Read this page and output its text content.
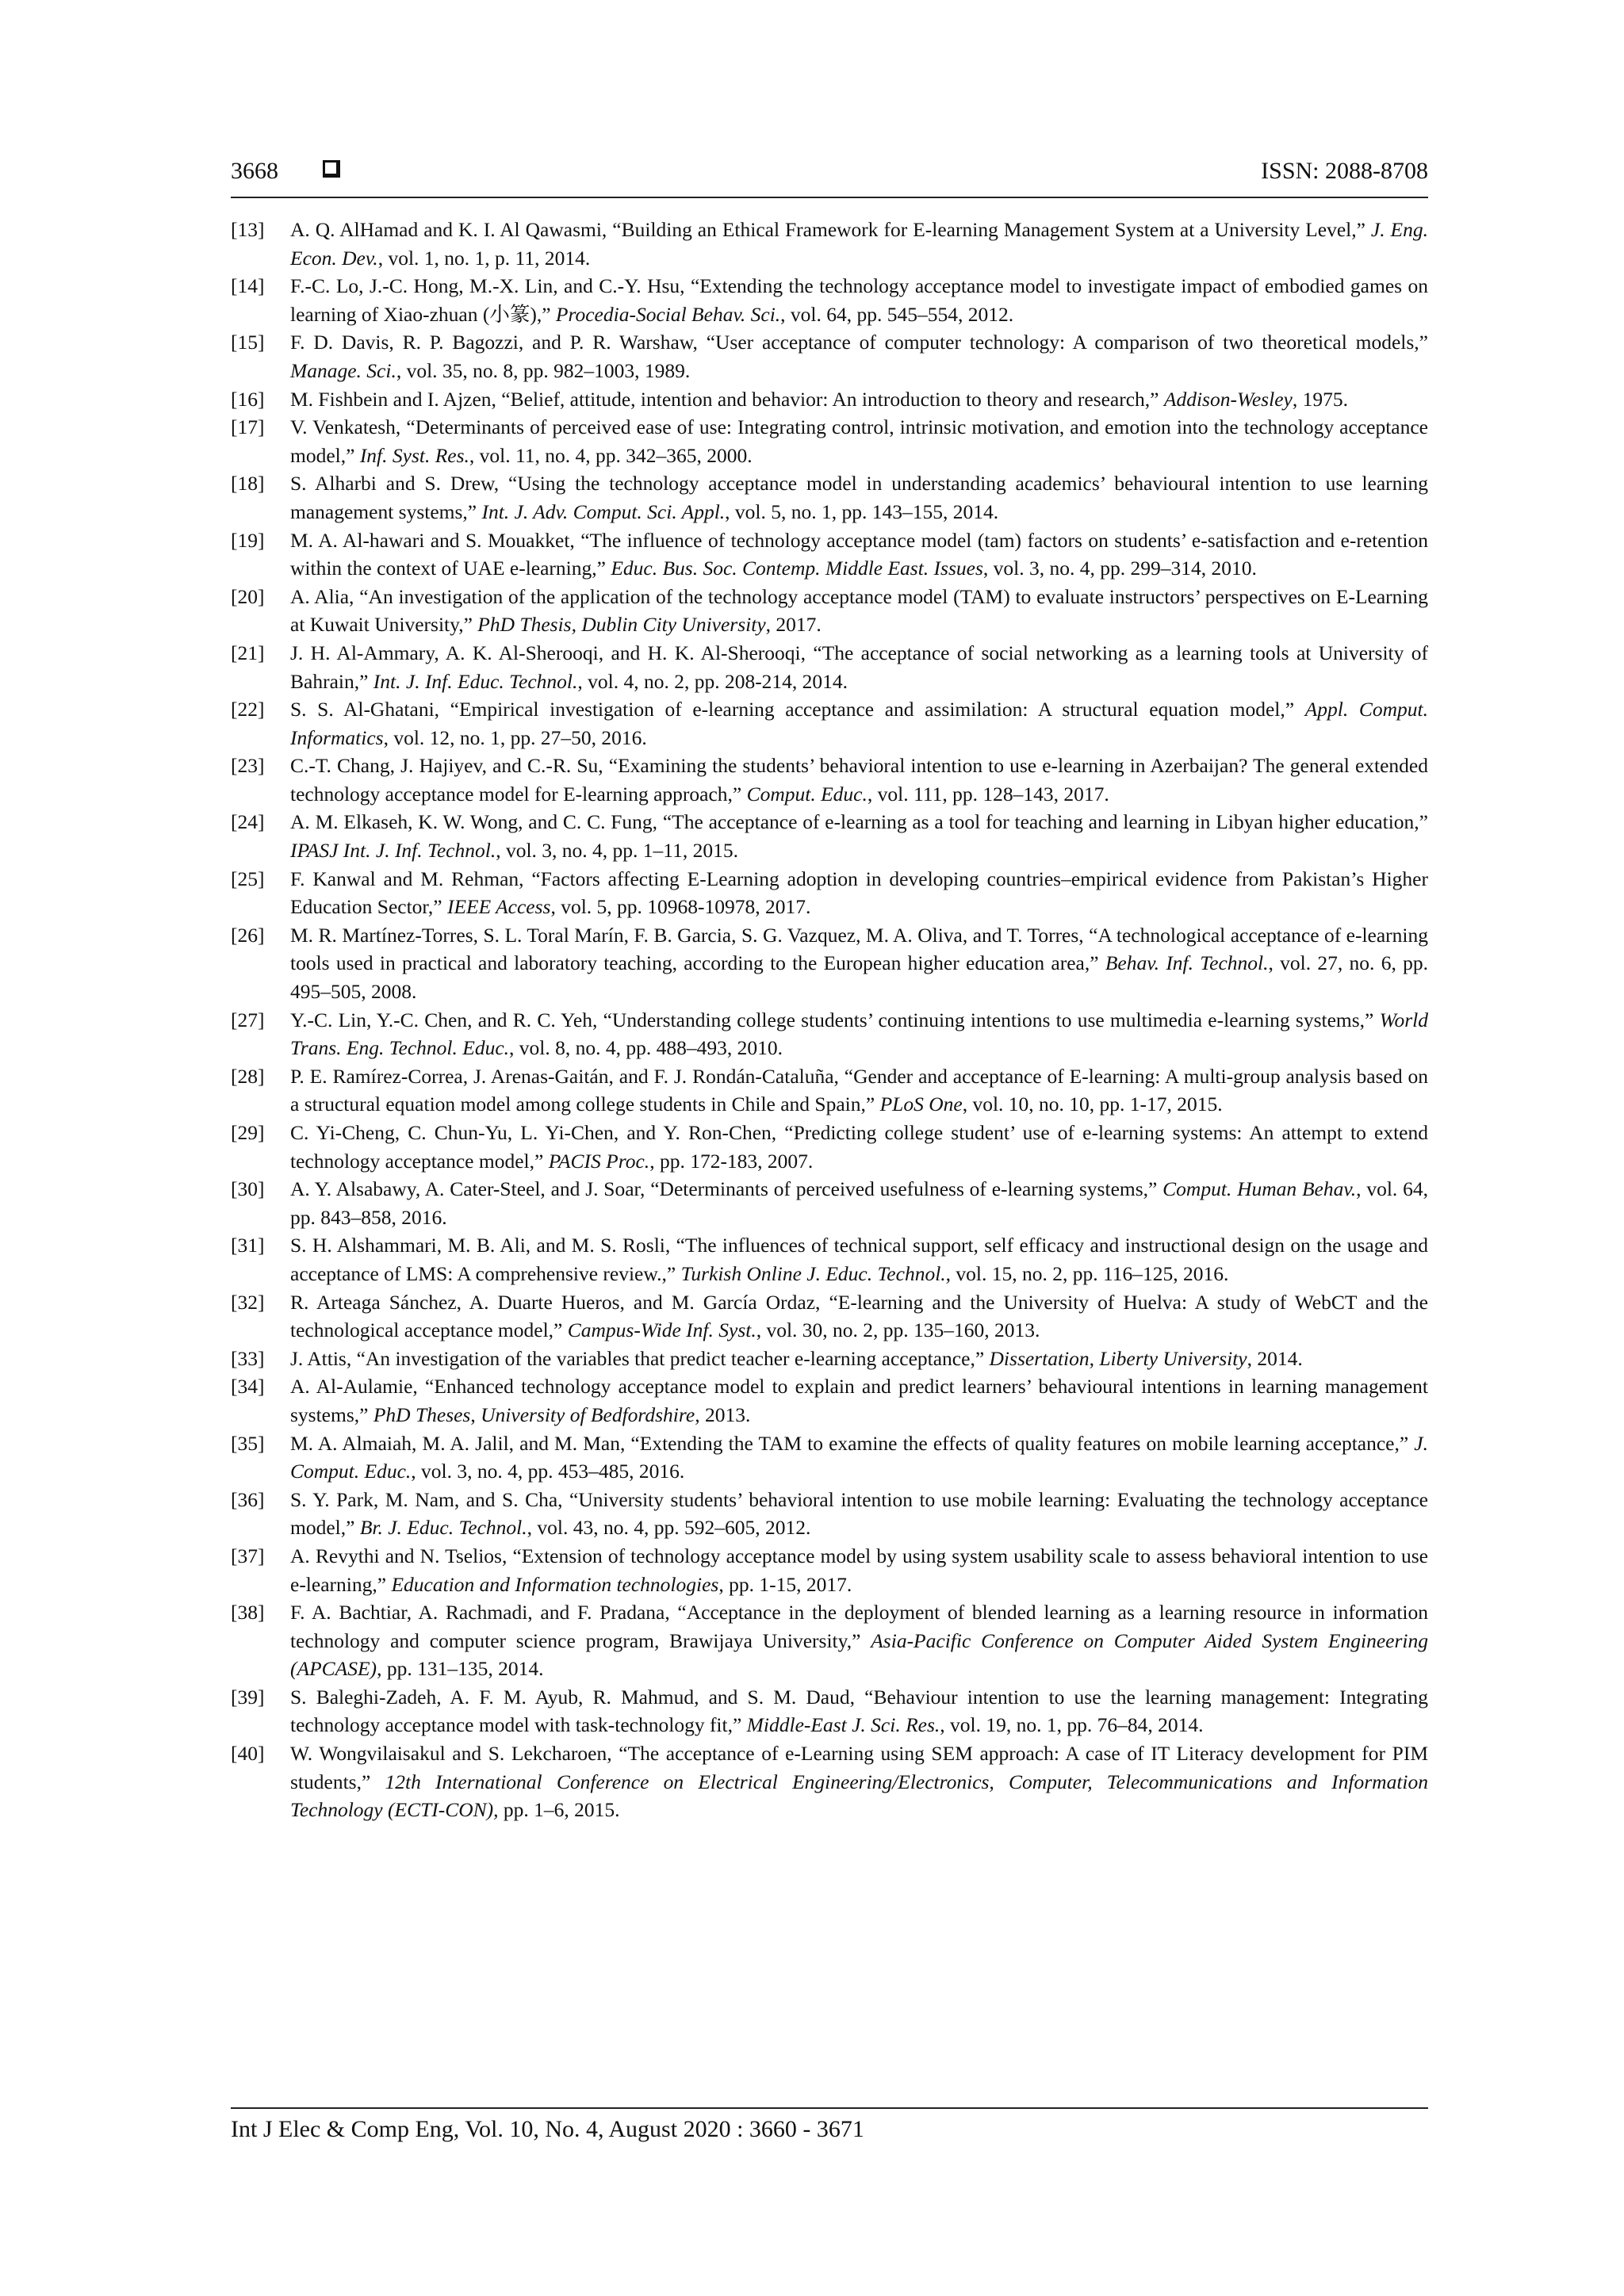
3668	ISSN: 2088-8708
[13] A. Q. AlHamad and K. I. Al Qawasmi, “Building an Ethical Framework for E-learning Management System at a University Level,” J. Eng. Econ. Dev., vol. 1, no. 1, p. 11, 2014.
[14] F.-C. Lo, J.-C. Hong, M.-X. Lin, and C.-Y. Hsu, “Extending the technology acceptance model to investigate impact of embodied games on learning of Xiao-zhuan (小篆),” Procedia-Social Behav. Sci., vol. 64, pp. 545–554, 2012.
[15] F. D. Davis, R. P. Bagozzi, and P. R. Warshaw, “User acceptance of computer technology: A comparison of two theoretical models,” Manage. Sci., vol. 35, no. 8, pp. 982–1003, 1989.
[16] M. Fishbein and I. Ajzen, “Belief, attitude, intention and behavior: An introduction to theory and research,” Addison-Wesley, 1975.
[17] V. Venkatesh, “Determinants of perceived ease of use: Integrating control, intrinsic motivation, and emotion into the technology acceptance model,” Inf. Syst. Res., vol. 11, no. 4, pp. 342–365, 2000.
[18] S. Alharbi and S. Drew, “Using the technology acceptance model in understanding academics’ behavioural intention to use learning management systems,” Int. J. Adv. Comput. Sci. Appl., vol. 5, no. 1, pp. 143–155, 2014.
[19] M. A. Al-hawari and S. Mouakket, “The influence of technology acceptance model (tam) factors on students’ e-satisfaction and e-retention within the context of UAE e-learning,” Educ. Bus. Soc. Contemp. Middle East. Issues, vol. 3, no. 4, pp. 299–314, 2010.
[20] A. Alia, “An investigation of the application of the technology acceptance model (TAM) to evaluate instructors’ perspectives on E-Learning at Kuwait University,” PhD Thesis, Dublin City University, 2017.
[21] J. H. Al-Ammary, A. K. Al-Sherooqi, and H. K. Al-Sherooqi, “The acceptance of social networking as a learning tools at University of Bahrain,” Int. J. Inf. Educ. Technol., vol. 4, no. 2, pp. 208-214, 2014.
[22] S. S. Al-Ghatani, “Empirical investigation of e-learning acceptance and assimilation: A structural equation model,” Appl. Comput. Informatics, vol. 12, no. 1, pp. 27–50, 2016.
[23] C.-T. Chang, J. Hajiyev, and C.-R. Su, “Examining the students’ behavioral intention to use e-learning in Azerbaijan? The general extended technology acceptance model for E-learning approach,” Comput. Educ., vol. 111, pp. 128–143, 2017.
[24] A. M. Elkaseh, K. W. Wong, and C. C. Fung, “The acceptance of e-learning as a tool for teaching and learning in Libyan higher education,” IPASJ Int. J. Inf. Technol., vol. 3, no. 4, pp. 1–11, 2015.
[25] F. Kanwal and M. Rehman, “Factors affecting E-Learning adoption in developing countries–empirical evidence from Pakistan’s Higher Education Sector,” IEEE Access, vol. 5, pp. 10968-10978, 2017.
[26] M. R. Martínez-Torres, S. L. Toral Marín, F. B. Garcia, S. G. Vazquez, M. A. Oliva, and T. Torres, “A technological acceptance of e-learning tools used in practical and laboratory teaching, according to the European higher education area,” Behav. Inf. Technol., vol. 27, no. 6, pp. 495–505, 2008.
[27] Y.-C. Lin, Y.-C. Chen, and R. C. Yeh, “Understanding college students’ continuing intentions to use multimedia e-learning systems,” World Trans. Eng. Technol. Educ., vol. 8, no. 4, pp. 488–493, 2010.
[28] P. E. Ramírez-Correa, J. Arenas-Gaitán, and F. J. Rondán-Cataluña, “Gender and acceptance of E-learning: A multi-group analysis based on a structural equation model among college students in Chile and Spain,” PLoS One, vol. 10, no. 10, pp. 1-17, 2015.
[29] C. Yi-Cheng, C. Chun-Yu, L. Yi-Chen, and Y. Ron-Chen, “Predicting college student’ use of e-learning systems: An attempt to extend technology acceptance model,” PACIS Proc., pp. 172-183, 2007.
[30] A. Y. Alsabawy, A. Cater-Steel, and J. Soar, “Determinants of perceived usefulness of e-learning systems,” Comput. Human Behav., vol. 64, pp. 843–858, 2016.
[31] S. H. Alshammari, M. B. Ali, and M. S. Rosli, “The influences of technical support, self efficacy and instructional design on the usage and acceptance of LMS: A comprehensive review.,” Turkish Online J. Educ. Technol., vol. 15, no. 2, pp. 116–125, 2016.
[32] R. Arteaga Sánchez, A. Duarte Hueros, and M. García Ordaz, “E-learning and the University of Huelva: A study of WebCT and the technological acceptance model,” Campus-Wide Inf. Syst., vol. 30, no. 2, pp. 135–160, 2013.
[33] J. Attis, “An investigation of the variables that predict teacher e-learning acceptance,” Dissertation, Liberty University, 2014.
[34] A. Al-Aulamie, “Enhanced technology acceptance model to explain and predict learners’ behavioural intentions in learning management systems,” PhD Theses, University of Bedfordshire, 2013.
[35] M. A. Almaiah, M. A. Jalil, and M. Man, “Extending the TAM to examine the effects of quality features on mobile learning acceptance,” J. Comput. Educ., vol. 3, no. 4, pp. 453–485, 2016.
[36] S. Y. Park, M. Nam, and S. Cha, “University students’ behavioral intention to use mobile learning: Evaluating the technology acceptance model,” Br. J. Educ. Technol., vol. 43, no. 4, pp. 592–605, 2012.
[37] A. Revythi and N. Tselios, “Extension of technology acceptance model by using system usability scale to assess behavioral intention to use e-learning,” Education and Information technologies, pp. 1-15, 2017.
[38] F. A. Bachtiar, A. Rachmadi, and F. Pradana, “Acceptance in the deployment of blended learning as a learning resource in information technology and computer science program, Brawijaya University,” Asia-Pacific Conference on Computer Aided System Engineering (APCASE), pp. 131–135, 2014.
[39] S. Baleghi-Zadeh, A. F. M. Ayub, R. Mahmud, and S. M. Daud, “Behaviour intention to use the learning management: Integrating technology acceptance model with task-technology fit,” Middle-East J. Sci. Res., vol. 19, no. 1, pp. 76–84, 2014.
[40] W. Wongvilaisakul and S. Lekcharoen, “The acceptance of e-Learning using SEM approach: A case of IT Literacy development for PIM students,” 12th International Conference on Electrical Engineering/Electronics, Computer, Telecommunications and Information Technology (ECTI-CON), pp. 1–6, 2015.
Int J Elec & Comp Eng, Vol. 10, No. 4, August 2020 : 3660 - 3671
